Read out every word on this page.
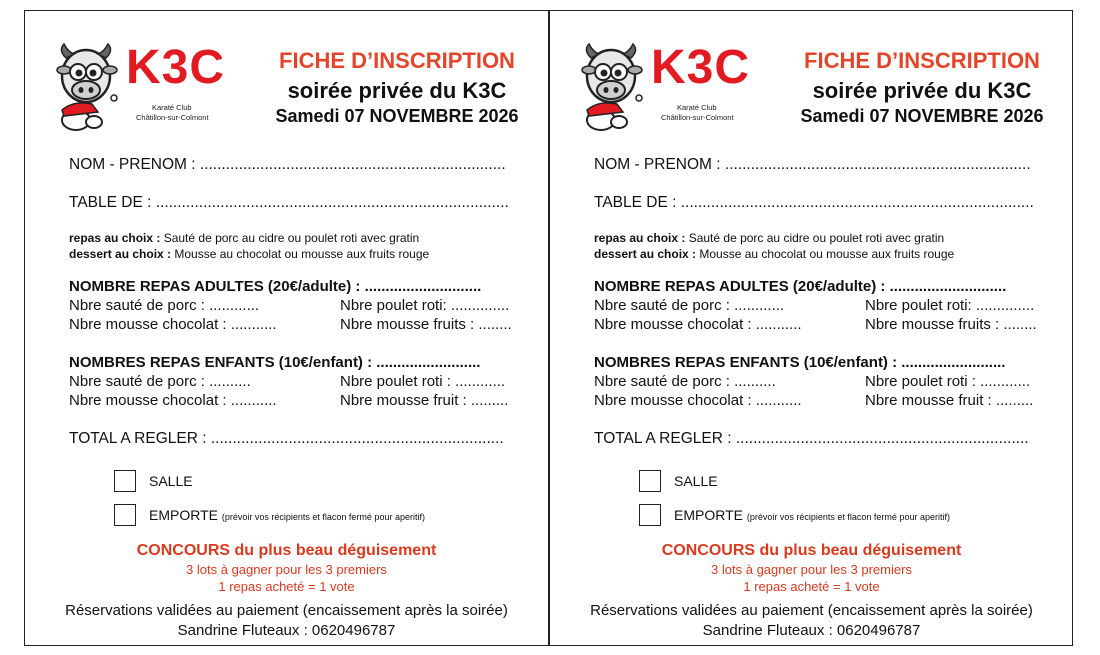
K3C
Karaté Club
Châtillon-sur-Colmont
FICHE D’INSCRIPTION
soirée privée du K3C
Samedi 07 NOVEMBRE 2026
NOM - PRENOM : .......................................................................
TABLE DE : ..................................................................................
repas au choix : Sauté de porc au cidre ou poulet roti avec gratin
dessert au choix : Mousse au chocolat ou mousse aux fruits rouge
NOMBRE REPAS ADULTES (20€/adulte) : ............................
Nbre sauté de porc : ............	Nbre poulet roti: ..............
Nbre mousse chocolat : ...........	Nbre mousse fruits : ........
NOMBRES REPAS ENFANTS (10€/enfant) : .........................
Nbre sauté de porc : ..........	Nbre poulet roti : ............
Nbre mousse chocolat : ...........	Nbre mousse fruit : .........
TOTAL A REGLER : ....................................................................
SALLE
EMPORTE (prévoir vos récipients et flacon fermé pour aperitif)
CONCOURS du plus beau déguisement
3 lots à gagner pour les 3 premiers
1 repas acheté = 1 vote
Réservations validées au paiement (encaissement après la soirée)
Sandrine Fluteaux : 0620496787
K3C
Karaté Club
Châtillon-sur-Colmont
FICHE D’INSCRIPTION
soirée privée du K3C
Samedi 07 NOVEMBRE 2026
NOM - PRENOM : .......................................................................
TABLE DE : ..................................................................................
repas au choix : Sauté de porc au cidre ou poulet roti avec gratin
dessert au choix : Mousse au chocolat ou mousse aux fruits rouge
NOMBRE REPAS ADULTES (20€/adulte) : ............................
Nbre sauté de porc : ............	Nbre poulet roti: ..............
Nbre mousse chocolat : ...........	Nbre mousse fruits : ........
NOMBRES REPAS ENFANTS (10€/enfant) : .........................
Nbre sauté de porc : ..........	Nbre poulet roti : ............
Nbre mousse chocolat : ...........	Nbre mousse fruit : .........
TOTAL A REGLER : ....................................................................
SALLE
EMPORTE (prévoir vos récipients et flacon fermé pour aperitif)
CONCOURS du plus beau déguisement
3 lots à gagner pour les 3 premiers
1 repas acheté = 1 vote
Réservations validées au paiement (encaissement après la soirée)
Sandrine Fluteaux : 0620496787
